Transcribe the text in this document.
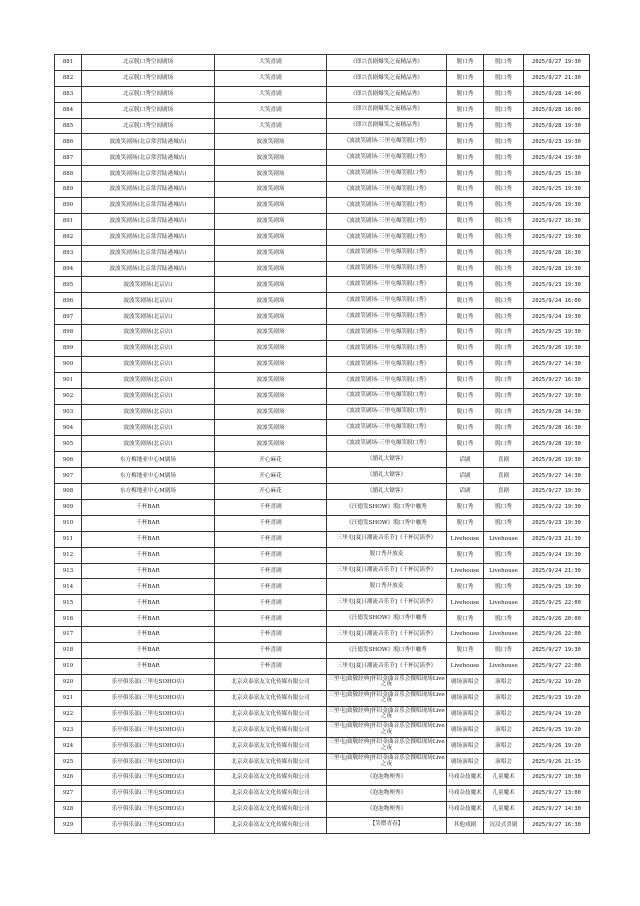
881	北京脱口秀空间剧场	大笑喜剧	《即兴喜剧爆笑之夜精品秀》	脱口秀	脱口秀	2025/9/27 19:30
882	北京脱口秀空间剧场	大笑喜剧	《即兴喜剧爆笑之夜精品秀》	脱口秀	脱口秀	2025/9/27 21:30
883	北京脱口秀空间剧场	大笑喜剧	《即兴喜剧爆笑之夜精品秀》	脱口秀	脱口秀	2025/9/28 14:00
884	北京脱口秀空间剧场	大笑喜剧	《即兴喜剧爆笑之夜精品秀》	脱口秀	脱口秀	2025/9/28 16:00
885	北京脱口秀空间剧场	大笑喜剧	《即兴喜剧爆笑之夜精品秀》	脱口秀	脱口秀	2025/9/28 19:30
886	波波笑剧场(北京常营陆港城店)	波波笑剧场	《波波笑剧场-三里屯爆笑脱口秀》	脱口秀	脱口秀	2025/9/23 19:30
887	波波笑剧场(北京常营陆港城店)	波波笑剧场	《波波笑剧场-三里屯爆笑脱口秀》	脱口秀	脱口秀	2025/9/24 19:30
888	波波笑剧场(北京常营陆港城店)	波波笑剧场	《波波笑剧场-三里屯爆笑脱口秀》	脱口秀	脱口秀	2025/9/25 15:30
889	波波笑剧场(北京常营陆港城店)	波波笑剧场	《波波笑剧场-三里屯爆笑脱口秀》	脱口秀	脱口秀	2025/9/25 19:30
890	波波笑剧场(北京常营陆港城店)	波波笑剧场	《波波笑剧场-三里屯爆笑脱口秀》	脱口秀	脱口秀	2025/9/26 19:30
891	波波笑剧场(北京常营陆港城店)	波波笑剧场	《波波笑剧场-三里屯爆笑脱口秀》	脱口秀	脱口秀	2025/9/27 16:30
892	波波笑剧场(北京常营陆港城店)	波波笑剧场	《波波笑剧场-三里屯爆笑脱口秀》	脱口秀	脱口秀	2025/9/27 19:30
893	波波笑剧场(北京常营陆港城店)	波波笑剧场	《波波笑剧场-三里屯爆笑脱口秀》	脱口秀	脱口秀	2025/9/28 16:30
894	波波笑剧场(北京常营陆港城店)	波波笑剧场	《波波笑剧场-三里屯爆笑脱口秀》	脱口秀	脱口秀	2025/9/28 19:30
895	波波笑剧场(北京店)	波波笑剧场	《波波笑剧场-三里屯爆笑脱口秀》	脱口秀	脱口秀	2025/9/23 19:30
896	波波笑剧场(北京店)	波波笑剧场	《波波笑剧场-三里屯爆笑脱口秀》	脱口秀	脱口秀	2025/9/24 16:00
897	波波笑剧场(北京店)	波波笑剧场	《波波笑剧场-三里屯爆笑脱口秀》	脱口秀	脱口秀	2025/9/24 19:30
898	波波笑剧场(北京店)	波波笑剧场	《波波笑剧场-三里屯爆笑脱口秀》	脱口秀	脱口秀	2025/9/25 19:30
899	波波笑剧场(北京店)	波波笑剧场	《波波笑剧场-三里屯爆笑脱口秀》	脱口秀	脱口秀	2025/9/26 19:30
900	波波笑剧场(北京店)	波波笑剧场	《波波笑剧场-三里屯爆笑脱口秀》	脱口秀	脱口秀	2025/9/27 14:30
901	波波笑剧场(北京店)	波波笑剧场	《波波笑剧场-三里屯爆笑脱口秀》	脱口秀	脱口秀	2025/9/27 16:30
902	波波笑剧场(北京店)	波波笑剧场	《波波笑剧场-三里屯爆笑脱口秀》	脱口秀	脱口秀	2025/9/27 19:30
903	波波笑剧场(北京店)	波波笑剧场	《波波笑剧场-三里屯爆笑脱口秀》	脱口秀	脱口秀	2025/9/28 14:30
904	波波笑剧场(北京店)	波波笑剧场	《波波笑剧场-三里屯爆笑脱口秀》	脱口秀	脱口秀	2025/9/28 16:30
905	波波笑剧场(北京店)	波波笑剧场	《波波笑剧场-三里屯爆笑脱口秀》	脱口秀	脱口秀	2025/9/28 19:30
906	东方梅地亚中心M剧场	开心麻花	《婚礼大镖客》	话剧	喜剧	2025/9/26 19:30
907	东方梅地亚中心M剧场	开心麻花	《婚礼大镖客》	话剧	喜剧	2025/9/27 14:30
908	东方梅地亚中心M剧场	开心麻花	《婚礼大镖客》	话剧	喜剧	2025/9/27 19:30
909	千杯BAR	千杯喜剧	《汪德发SHOW》脱口秀中咖秀	脱口秀	脱口秀	2025/9/22 19:30
910	千杯BAR	千杯喜剧	《汪德发SHOW》脱口秀中咖秀	脱口秀	脱口秀	2025/9/23 19:30
911	千杯BAR	千杯喜剧	三里屯[夏日潮流音乐节]《千杯民谣季》	Livehouse	Livehouse	2025/9/23 21:30
912	千杯BAR	千杯喜剧	脱口秀开放麦	脱口秀	脱口秀	2025/9/24 19:30
913	千杯BAR	千杯喜剧	三里屯[夏日潮流音乐节]《千杯民谣季》	Livehouse	Livehouse	2025/9/24 21:30
914	千杯BAR	千杯喜剧	脱口秀开放麦	脱口秀	脱口秀	2025/9/25 19:30
915	千杯BAR	千杯喜剧	三里屯[夏日潮流音乐节]《千杯民谣季》	Livehouse	Livehouse	2025/9/25 22:00
916	千杯BAR	千杯喜剧	《汪德发SHOW》脱口秀中咖秀	脱口秀	脱口秀	2025/9/26 20:00
917	千杯BAR	千杯喜剧	三里屯[夏日潮流音乐节]《千杯民谣季》	Livehouse	Livehouse	2025/9/26 22:00
918	千杯BAR	千杯喜剧	《汪德发SHOW》脱口秀中咖秀	脱口秀	脱口秀	2025/9/27 19:30
919	千杯BAR	千杯喜剧	三里屯[夏日潮流音乐节]《千杯民谣季》	Livehouse	Livehouse	2025/9/27 22:00
920	乐亭俱乐部(三里屯SOHO店)	北京众泰富友文化传媒有限公司	三里屯|致敬经典|怀旧金曲音乐会撰唱现场Live之夜	剧场演唱会	演唱会	2025/9/22 19:20
921	乐亭俱乐部(三里屯SOHO店)	北京众泰富友文化传媒有限公司	三里屯|致敬经典|怀旧金曲音乐会撰唱现场Live之夜	剧场演唱会	演唱会	2025/9/23 19:20
922	乐亭俱乐部(三里屯SOHO店)	北京众泰富友文化传媒有限公司	三里屯|致敬经典|怀旧金曲音乐会撰唱现场Live之夜	剧场演唱会	演唱会	2025/9/24 19:20
923	乐亭俱乐部(三里屯SOHO店)	北京众泰富友文化传媒有限公司	三里屯|致敬经典|怀旧金曲音乐会撰唱现场Live之夜	剧场演唱会	演唱会	2025/9/25 19:20
924	乐亭俱乐部(三里屯SOHO店)	北京众泰富友文化传媒有限公司	三里屯|致敬经典|怀旧金曲音乐会撰唱现场Live之夜	剧场演唱会	演唱会	2025/9/26 19:20
925	乐亭俱乐部(三里屯SOHO店)	北京众泰富友文化传媒有限公司	三里屯|致敬经典|怀旧金曲音乐会撰唱现场Live之夜	剧场演唱会	演唱会	2025/9/26 21:15
926	乐亭俱乐部(三里屯SOHO店)	北京众泰富友文化传媒有限公司	《泡泡物理秀》	马戏杂技魔术	儿童魔术	2025/9/27 10:30
927	乐亭俱乐部(三里屯SOHO店)	北京众泰富友文化传媒有限公司	《泡泡物理秀》	马戏杂技魔术	儿童魔术	2025/9/27 13:00
928	乐亭俱乐部(三里屯SOHO店)	北京众泰富友文化传媒有限公司	《泡泡物理秀》	马戏杂技魔术	儿童魔术	2025/9/27 14:30
929	乐亭俱乐部(三里屯SOHO店)	北京众泰富友文化传媒有限公司	【笑燃青春】	其他戏剧	沉浸式喜剧	2025/9/27 16:30
